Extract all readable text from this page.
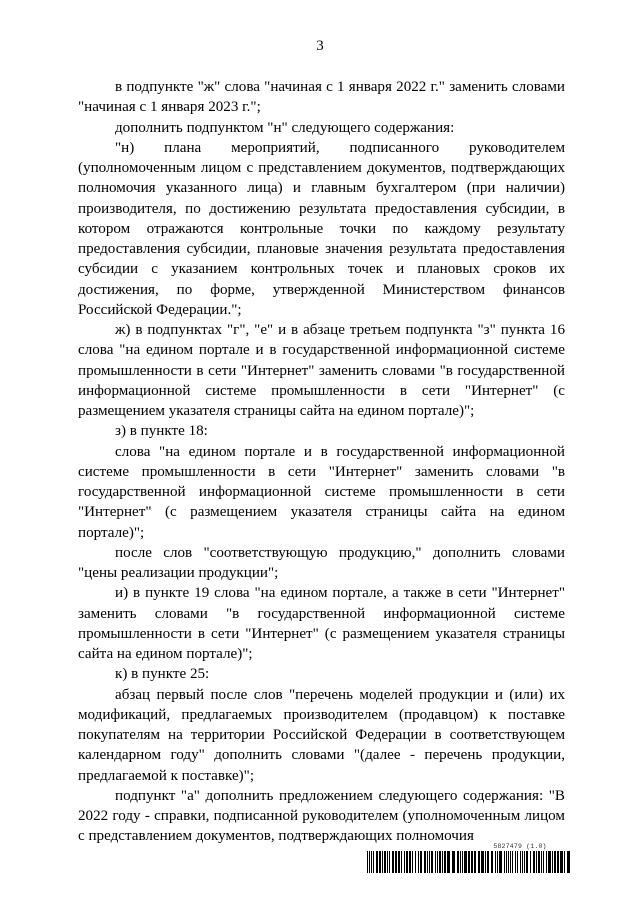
3

в подпункте "ж" слова "начиная с 1 января 2022 г." заменить словами "начиная с 1 января 2023 г.";

дополнить подпунктом "н" следующего содержания:

"н) плана мероприятий, подписанного руководителем (уполномоченным лицом с представлением документов, подтверждающих полномочия указанного лица) и главным бухгалтером (при наличии) производителя, по достижению результата предоставления субсидии, в котором отражаются контрольные точки по каждому результату предоставления субсидии, плановые значения результата предоставления субсидии с указанием контрольных точек и плановых сроков их достижения, по форме, утвержденной Министерством финансов Российской Федерации.";

ж) в подпунктах "г", "е" и в абзаце третьем подпункта "з" пункта 16 слова "на едином портале и в государственной информационной системе промышленности в сети "Интернет" заменить словами "в государственной информационной системе промышленности в сети "Интернет" (с размещением указателя страницы сайта на едином портале)";

з) в пункте 18:

слова "на едином портале и в государственной информационной системе промышленности в сети "Интернет" заменить словами "в государственной информационной системе промышленности в сети "Интернет" (с размещением указателя страницы сайта на едином портале)";

после слов "соответствующую продукцию," дополнить словами "цены реализации продукции";

и) в пункте 19 слова "на едином портале, а также в сети "Интернет" заменить словами "в государственной информационной системе промышленности в сети "Интернет" (с размещением указателя страницы сайта на едином портале)";

к) в пункте 25:

абзац первый после слов "перечень моделей продукции и (или) их модификаций, предлагаемых производителем (продавцом) к поставке покупателям на территории Российской Федерации в соответствующем календарном году" дополнить словами "(далее - перечень продукции, предлагаемой к поставке)";

подпункт "а" дополнить предложением следующего содержания: "В 2022 году - справки, подписанной руководителем (уполномоченным лицом с представлением документов, подтверждающих полномочия

5827479 (1.0)
